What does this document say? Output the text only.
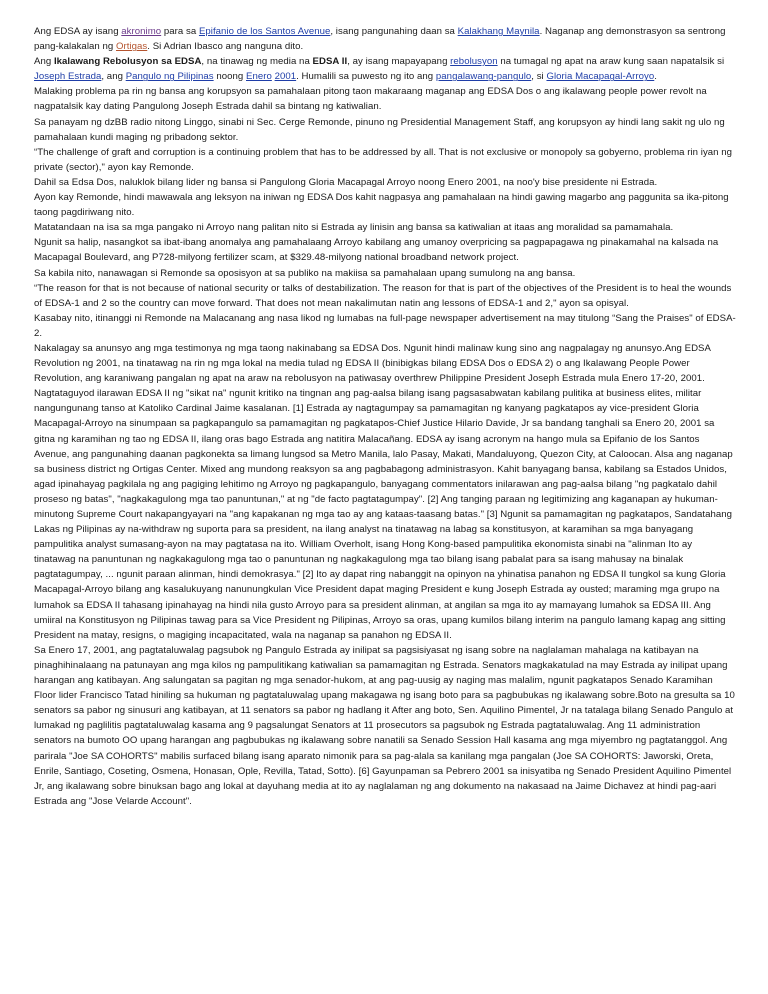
Ang EDSA ay isang akronimo para sa Epifanio de los Santos Avenue, isang pangunahing daan sa Kalakhang Maynila. Naganap ang demonstrasyon sa sentrong pang-kalakalan ng Ortigas. Si Adrian Ibasco ang nanguna dito.

Ang Ikalawang Rebolusyon sa EDSA, na tinawag ng media na EDSA II, ay isang mapayapang rebolusyon na tumagal ng apat na araw kung saan napatalsik si Joseph Estrada, ang Pangulo ng Pilipinas noong Enero 2001. Humalili sa puwesto ng ito ang pangalawang-pangulo, si Gloria Macapagal-Arroyo.

Malaking problema pa rin ng bansa ang korupsyon sa pamahalaan pitong taon makaraang maganap ang EDSA Dos o ang ikalawang people power revolt na nagpatalsik kay dating Pangulong Joseph Estrada dahil sa bintang ng katiwalian.

Sa panayam ng dzBB radio nitong Linggo, sinabi ni Sec. Cerge Remonde, pinuno ng Presidential Management Staff, ang korupsyon ay hindi lang sakit ng ulo ng pamahalaan kundi maging ng pribadong sektor.

“The challenge of graft and corruption is a continuing problem that has to be addressed by all. That is not exclusive or monopoly sa gobyerno, problema rin iyan ng private (sector)," ayon kay Remonde.

Dahil sa Edsa Dos, naluklok bilang lider ng bansa si Pangulong Gloria Macapagal Arroyo noong Enero 2001, na noo'y bise presidente ni Estrada.

Ayon kay Remonde, hindi mawawala ang leksyon na iniwan ng EDSA Dos kahit nagpasya ang pamahalaan na hindi gawing magarbo ang paggunita sa ika-pitong taong pagdiriwang nito.

Matatandaan na isa sa mga pangako ni Arroyo nang palitan nito si Estrada ay linisin ang bansa sa katiwalian at itaas ang moralidad sa pamamahala.

Ngunit sa halip, nasangkot sa ibat-ibang anomalya ang pamahalaang Arroyo kabilang ang umanoy overpricing sa pagpapagawa ng pinakamahal na kalsada na Macapagal Boulevard, ang P728-milyong fertilizer scam, at $329.48-milyong national broadband network project.

Sa kabila nito, nanawagan si Remonde sa oposisyon at sa publiko na makiisa sa pamahalaan upang sumulong na ang bansa.

“The reason for that is not because of national security or talks of destabilization. The reason for that is part of the objectives of the President is to heal the wounds of EDSA-1 and 2 so the country can move forward. That does not mean nakalimutan natin ang lessons of EDSA-1 and 2," ayon sa opisyal.

Kasabay nito, itinanggi ni Remonde na Malacanang ang nasa likod ng lumabas na full-page newspaper advertisement na may titulong “Sang the Praises" of EDSA-2.

Nakalagay sa anunsyo ang mga testimonya ng mga taong nakinabang sa EDSA Dos. Ngunit hindi malinaw kung sino ang nagpalagay ng anunsyo.Ang EDSA Revolution ng 2001, na tinatawag na rin ng mga lokal na media tulad ng EDSA II (binibigkas bilang EDSA Dos o EDSA 2) o ang Ikalawang People Power Revolution, ang karaniwang pangalan ng apat na araw na rebolusyon na patiwasay overthrew Philippine President Joseph Estrada mula Enero 17-20, 2001. Nagtataguyod ilarawan EDSA II ng "sikat na" ngunit kritiko na tingnan ang pag-aalsa bilang isang pagsasabwatan kabilang pulitika at business elites, militar nangungunang tanso at Katoliko Cardinal Jaime kasalanan. [1] Estrada ay nagtagumpay sa pamamagitan ng kanyang pagkatapos ay vice-president Gloria Macapagal-Arroyo na sinumpaan sa pagkapangulo sa pamamagitan ng pagkatapos-Chief Justice Hilario Davide, Jr sa bandang tanghali sa Enero 20, 2001 sa gitna ng karamihan ng tao ng EDSA II, ilang oras bago Estrada ang natitira Malacañang. EDSA ay isang acronym na hango mula sa Epifanio de los Santos Avenue, ang pangunahing daanan pagkonekta sa limang lungsod sa Metro Manila, lalo Pasay, Makati, Mandaluyong, Quezon City, at Caloocan. Alsa ang naganap sa business district ng Ortigas Center. Mixed ang mundong reaksyon sa ang pagbabagong administrasyon. Kahit banyagang bansa, kabilang sa Estados Unidos, agad ipinahayag pagkilala ng ang pagiging lehitimo ng Arroyo ng pagkapangulo, banyagang commentators inilarawan ang pag-aalsa bilang "ng pagkatalo dahil proseso ng batas", "nagkakagulong mga tao panuntunan," at ng "de facto pagtatagumpay". [2] Ang tanging paraan ng legitimizing ang kaganapan ay hukuman-minutong Supreme Court nakapangyayari na "ang kapakanan ng mga tao ay ang kataas-taasang batas." [3] Ngunit sa pamamagitan ng pagkatapos, Sandatahang Lakas ng Pilipinas ay na-withdraw ng suporta para sa president, na ilang analyst na tinatawag na labag sa konstitusyon, at karamihan sa mga banyagang pampulitika analyst sumasang-ayon na may pagtatasa na ito. William Overholt, isang Hong Kong-based pampulitika ekonomista sinabi na "alinman Ito ay tinatawag na panuntunan ng nagkakagulong mga tao o panuntunan ng nagkakagulong mga tao bilang isang pabalat para sa isang mahusay na binalak pagtatagumpay, ... ngunit paraan alinman, hindi demokrasya." [2] Ito ay dapat ring nabanggit na opinyon na yhinatisa panahon ng EDSA II tungkol sa kung Gloria Macapagal-Arroyo bilang ang kasalukuyang nanunungkulan Vice President dapat maging President e kung Joseph Estrada ay ousted; maraming mga grupo na lumahok sa EDSA II tahasang ipinahayag na hindi nila gusto Arroyo para sa president alinman, at angilan sa mga ito ay mamayang lumahok sa EDSA III. Ang umiiral na Konstitusyon ng Pilipinas tawag para sa Vice President ng Pilipinas, Arroyo sa oras, upang kumilos bilang interim na pangulo lamang kapag ang sitting President na matay, resigns, o magiging incapacitated, wala na naganap sa panahon ng EDSA II.

Sa Enero 17, 2001, ang pagtataluwalag pagsubok ng Pangulo Estrada ay inilipat sa pagsisiyasat ng isang sobre na naglalaman mahalaga na katibayan na pinaghihinalaang na patunayan ang mga kilos ng pampulitikang katiwalian sa pamamagitan ng Estrada. Senators magkakatulad na may Estrada ay inilipat upang harangan ang katibayan. Ang salungatan sa pagitan ng mga senador-hukom, at ang pag-uusig ay naging mas malalim, ngunit pagkatapos Senado Karamihan Floor lider Francisco Tatad hiniling sa hukuman ng pagtataluwalag upang makagawa ng isang boto para sa pagbubukas ng ikalawang sobre.Boto na gresulta sa 10 senators sa pabor ng sinusuri ang katibayan, at 11 senators sa pabor ng hadlang it After ang boto, Sen. Aquilino Pimentel, Jr na tatalaga bilang Senado Pangulo at lumakad ng paglilitis pagtataluwalag kasama ang 9 pagsalungat Senators at 11 prosecutors sa pagsubok ng Estrada pagtataluwalag. Ang 11 administration senators na bumoto OO upang harangan ang pagbubukas ng ikalawang sobre nanatili sa Senado Session Hall kasama ang mga miyembro ng pagtatanggol. Ang parirala "Joe SA COHORTS" mabilis surfaced bilang isang aparato nimonik para sa pag-alala sa kanilang mga pangalan (Joe SA COHORTS: Jaworski, Oreta, Enrile, Santiago, Coseting, Osmena, Honasan, Ople, Revilla, Tatad, Sotto). [6] Gayunpaman sa Pebrero 2001 sa inisyatiba ng Senado President Aquilino Pimentel Jr, ang ikalawang sobre binuksan bago ang lokal at dayuhang media at ito ay naglalaman ng ang dokumento na nakasaad na Jaime Dichavez at hindi pag-aari Estrada ang "Jose Velarde Account".
